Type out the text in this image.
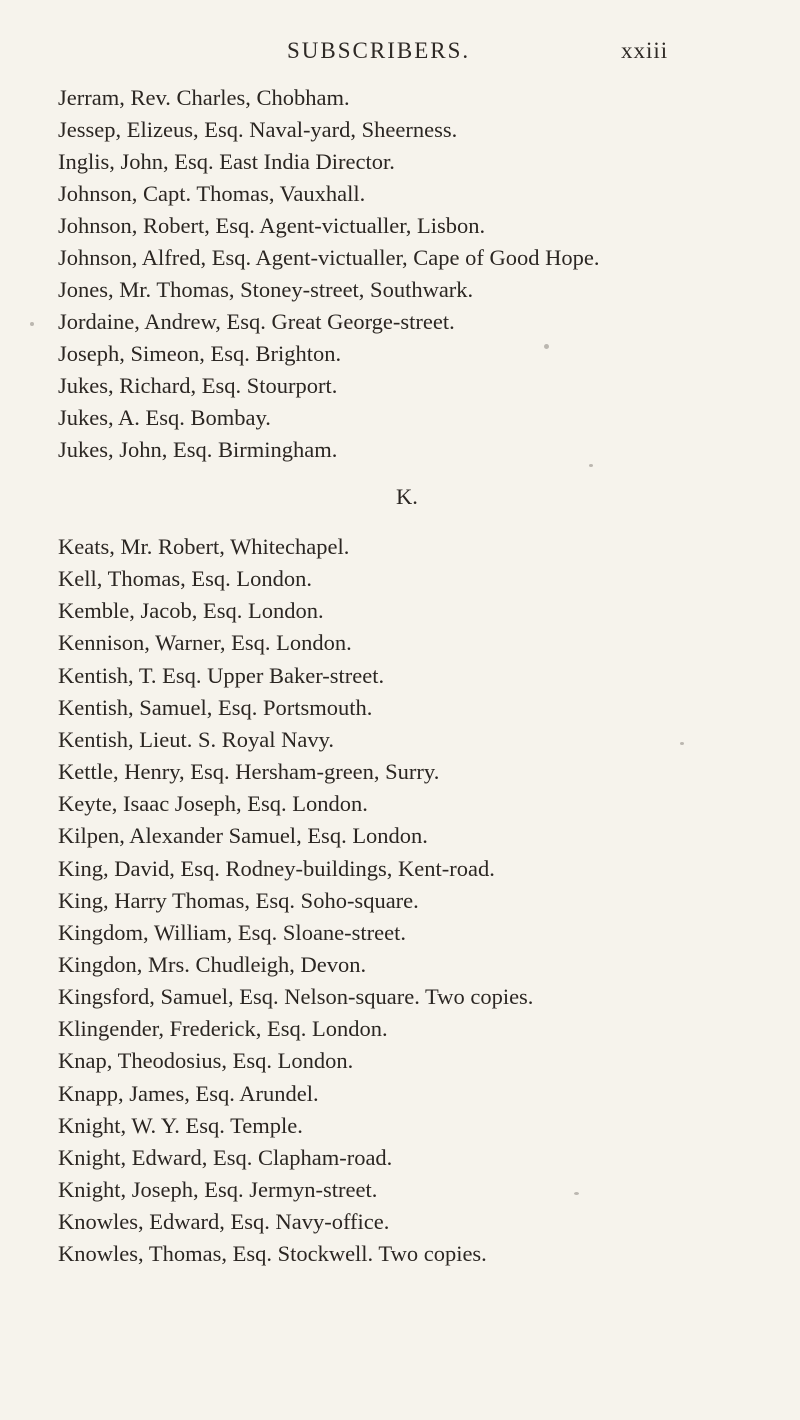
SUBSCRIBERS.	xxiii
K.
Jerram, Rev. Charles, Chobham.
Jessep, Elizeus, Esq. Naval-yard, Sheerness.
Inglis, John, Esq. East India Director.
Johnson, Capt. Thomas, Vauxhall.
Johnson, Robert, Esq. Agent-victualler, Lisbon.
Johnson, Alfred, Esq. Agent-victualler, Cape of Good Hope.
Jones, Mr. Thomas, Stoney-street, Southwark.
Jordaine, Andrew, Esq. Great George-street.
Joseph, Simeon, Esq. Brighton.
Jukes, Richard, Esq. Stourport.
Jukes, A. Esq. Bombay.
Jukes, John, Esq. Birmingham.
Keats, Mr. Robert, Whitechapel.
Kell, Thomas, Esq. London.
Kemble, Jacob, Esq. London.
Kennison, Warner, Esq. London.
Kentish, T. Esq. Upper Baker-street.
Kentish, Samuel, Esq. Portsmouth.
Kentish, Lieut. S. Royal Navy.
Kettle, Henry, Esq. Hersham-green, Surry.
Keyte, Isaac Joseph, Esq. London.
Kilpen, Alexander Samuel, Esq. London.
King, David, Esq. Rodney-buildings, Kent-road.
King, Harry Thomas, Esq. Soho-square.
Kingdom, William, Esq. Sloane-street.
Kingdon, Mrs. Chudleigh, Devon.
Kingsford, Samuel, Esq. Nelson-square. Two copies.
Klingender, Frederick, Esq. London.
Knap, Theodosius, Esq. London.
Knapp, James, Esq. Arundel.
Knight, W. Y. Esq. Temple.
Knight, Edward, Esq. Clapham-road.
Knight, Joseph, Esq. Jermyn-street.
Knowles, Edward, Esq. Navy-office.
Knowles, Thomas, Esq. Stockwell. Two copies.
